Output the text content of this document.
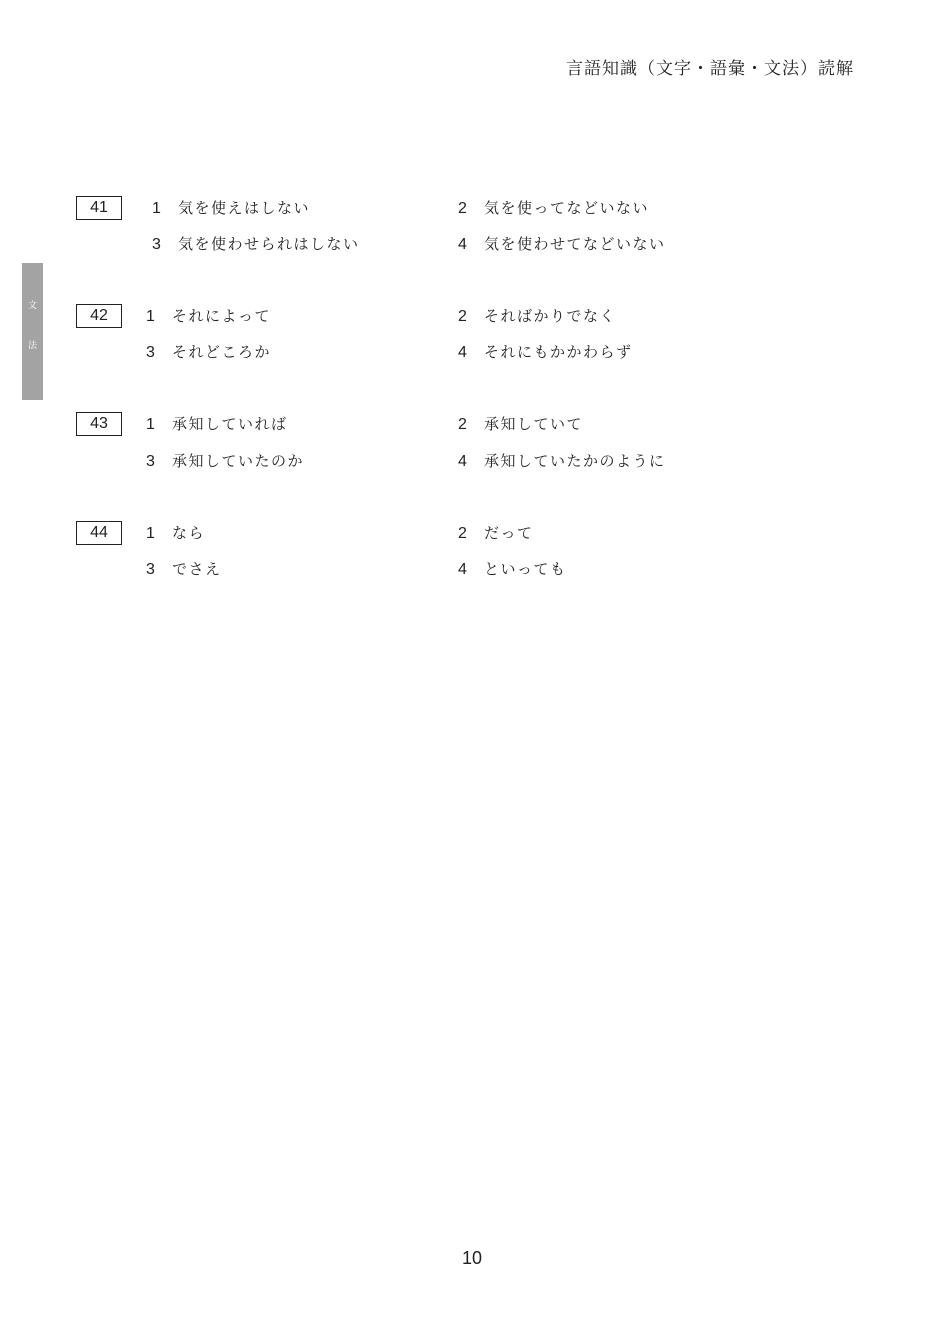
言語知識（文字・語彙・文法）読解
文
法
41	1 気を使えはしない	2 気を使ってなどいない
3 気を使わせられはしない	4 気を使わせてなどいない
42	1 それによって	2 そればかりでなく
3 それどころか	4 それにもかかわらず
43	1 承知していれば	2 承知していて
3 承知していたのか	4 承知していたかのように
44	1 なら	2 だって
3 でさえ	4 といっても
10
